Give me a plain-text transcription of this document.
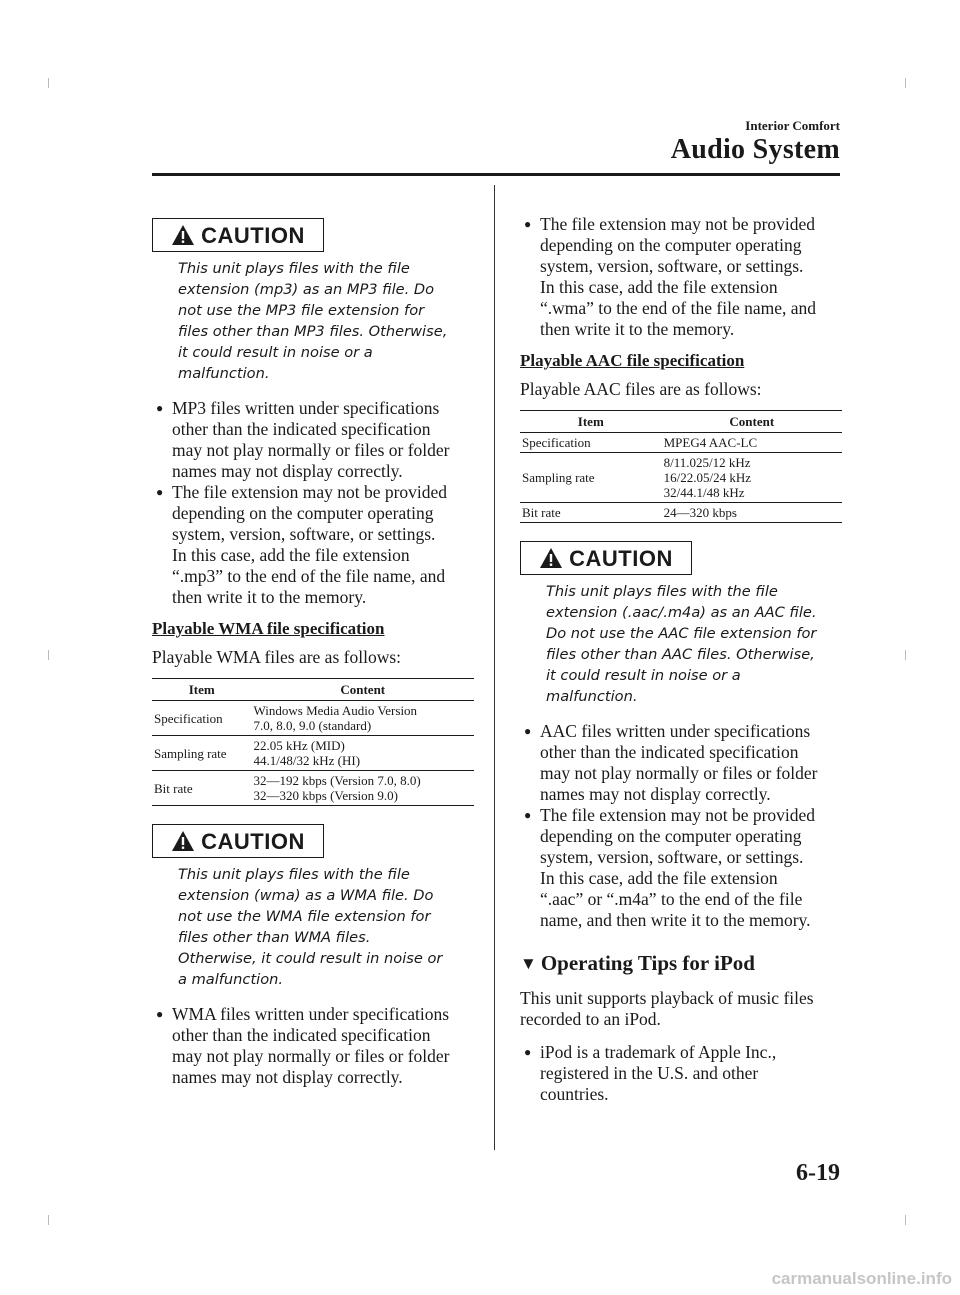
Interior Comfort
Audio System
CAUTION
This unit plays files with the file
extension (mp3) as an MP3 file. Do
not use the MP3 file extension for
files other than MP3 files. Otherwise,
it could result in noise or a
malfunction.
● MP3 files written under specifications
other than the indicated specification
may not play normally or files or folder
names may not display correctly.
● The file extension may not be provided
depending on the computer operating
system, version, software, or settings.
In this case, add the file extension
“.mp3” to the end of the file name, and
then write it to the memory.
Playable WMA file specification
Playable WMA files are as follows:
Item	Content
Specification	Windows Media Audio Version
7.0, 8.0, 9.0 (standard)

Sampling rate	22.05 kHz (MID)
44.1/48/32 kHz (HI)

Bit rate	32―192 kbps (Version 7.0, 8.0)
32―320 kbps (Version 9.0)
CAUTION
This unit plays files with the file
extension (wma) as a WMA file. Do
not use the WMA file extension for
files other than WMA files.
Otherwise, it could result in noise or
a malfunction.
● WMA files written under specifications
other than the indicated specification
may not play normally or files or folder
names may not display correctly.
● The file extension may not be provided
depending on the computer operating
system, version, software, or settings.
In this case, add the file extension
“.wma” to the end of the file name, and
then write it to the memory.
Playable AAC file specification
Playable AAC files are as follows:
Item	Content
Specification	MPEG4 AAC-LC

Sampling rate	8/11.025/12 kHz
16/22.05/24 kHz
32/44.1/48 kHz

Bit rate	24―320 kbps
CAUTION
This unit plays files with the file
extension (.aac/.m4a) as an AAC file.
Do not use the AAC file extension for
files other than AAC files. Otherwise,
it could result in noise or a
malfunction.
● AAC files written under specifications
other than the indicated specification
may not play normally or files or folder
names may not display correctly.
● The file extension may not be provided
depending on the computer operating
system, version, software, or settings.
In this case, add the file extension
“.aac” or “.m4a” to the end of the file
name, and then write it to the memory.
▼ Operating Tips for iPod
This unit supports playback of music files
recorded to an iPod.
● iPod is a trademark of Apple Inc.,
registered in the U.S. and other
countries.
6-19
carmanualsonline.info
